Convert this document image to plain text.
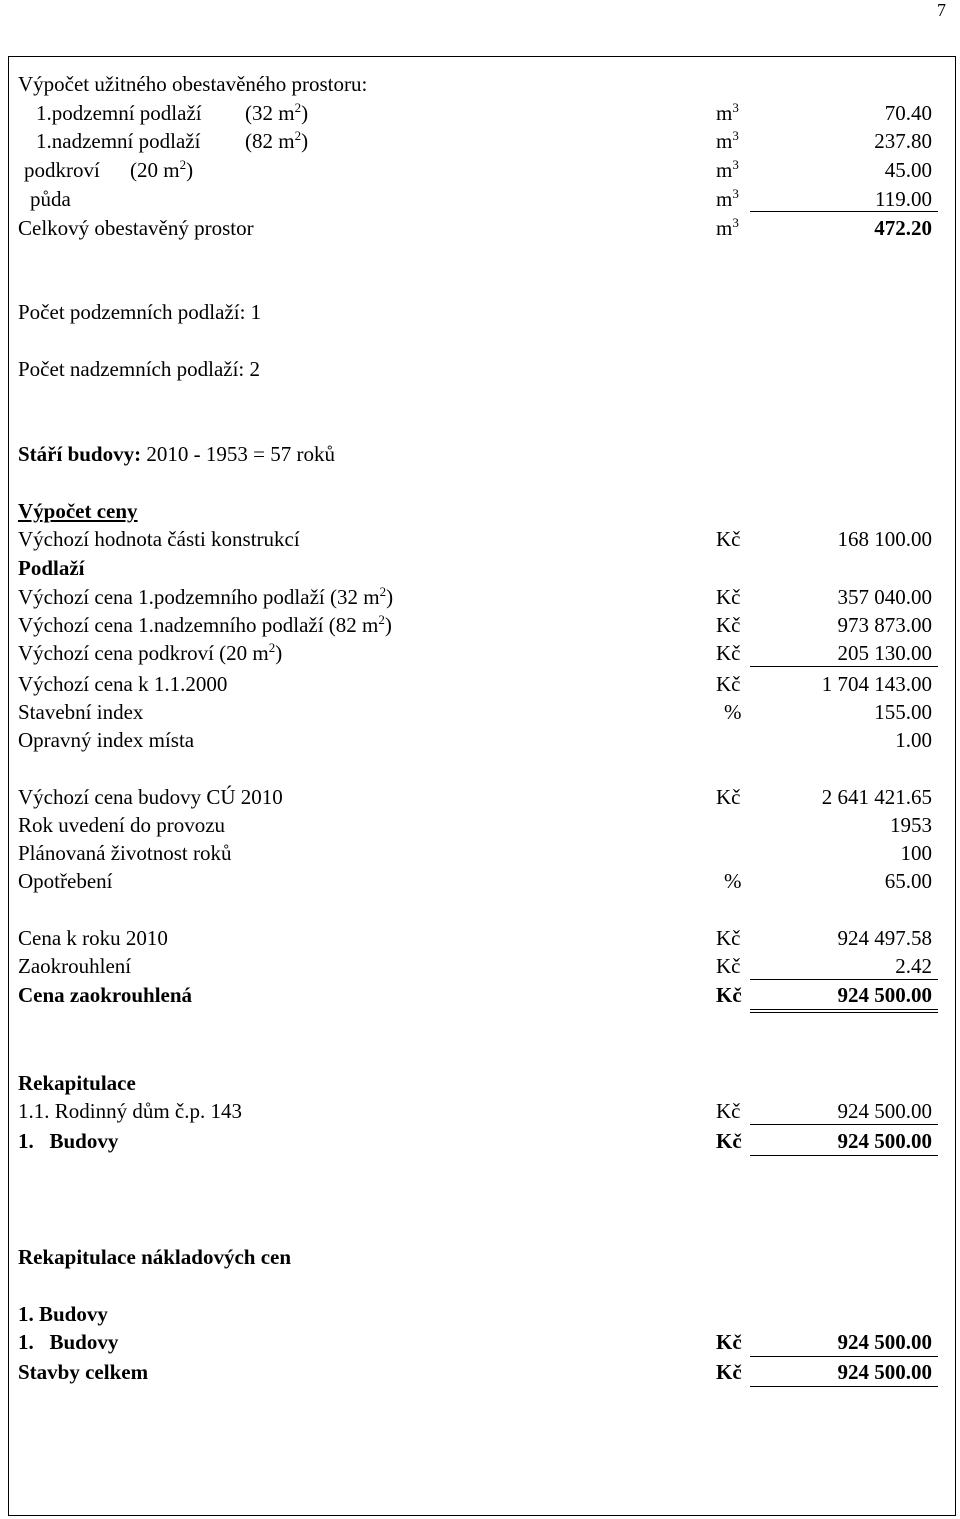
7
Výpočet užitného obestavěného prostoru:
1.podzemní podlaží (32 $m^2$)	$m^3$	70.40
1.nadzemní podlaží (82 $m^2$)	$m^3$	237.80
podkroví (20 $m^2$)	$m^3$	45.00
půda	$m^3$	119.00
Celkový obestavěný prostor	$m^3$	472.20
Počet podzemních podlaží: 1
Počet nadzemních podlaží: 2
Stáří budovy: 2010 - 1953 = 57 roků
Výpočet ceny
Výchozí hodnota části konstrukcí	Kč	168 100.00
Podlaží
Výchozí cena 1.podzemního podlaží (32 $m^2$)	Kč	357 040.00
Výchozí cena 1.nadzemního podlaží (82 $m^2$)	Kč	973 873.00
Výchozí cena podkroví (20 $m^2$)	Kč	205 130.00
Výchozí cena k 1.1.2000	Kč	1 704 143.00
Stavební index	%	155.00
Opravný index místa	1.00
Výchozí cena budovy CÚ 2010	Kč	2 641 421.65
Rok uvedení do provozu	1953
Plánovaná životnost roků	100
Opotřebení	%	65.00
Cena k roku 2010	Kč	924 497.58
Zaokrouhlení	Kč	2.42
Cena zaokrouhlená	Kč	924 500.00
Rekapitulace
1.1. Rodinný dům č.p. 143	Kč	924 500.00
1.   Budovy	Kč	924 500.00
Rekapitulace nákladových cen
1. Budovy
1.   Budovy	Kč	924 500.00
Stavby celkem	Kč	924 500.00
